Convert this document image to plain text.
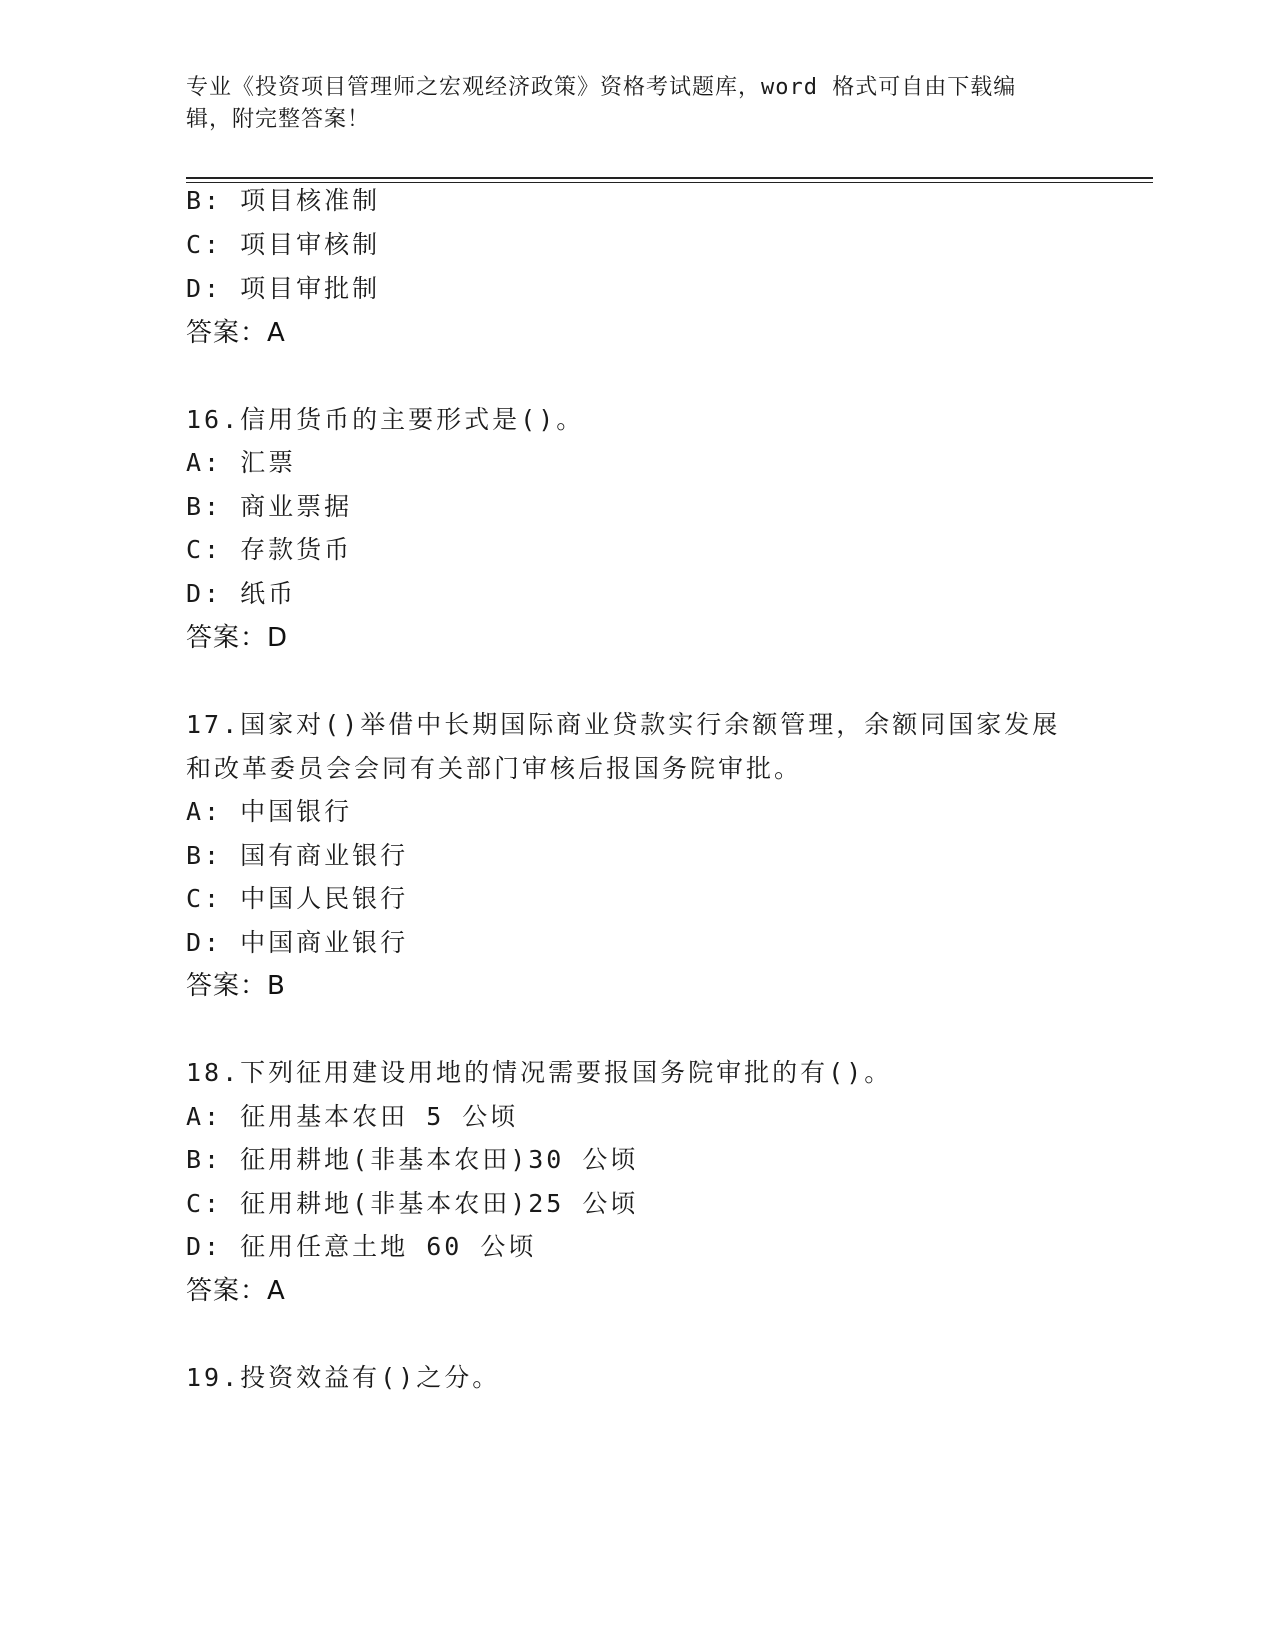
专业《投资项目管理师之宏观经济政策》资格考试题库，word 格式可自由下载编
辑，附完整答案！
B: 项目核准制
C: 项目审核制
D: 项目审批制
答案：A
16.信用货币的主要形式是()。
A: 汇票
B: 商业票据
C: 存款货币
D: 纸币
答案：D
17.国家对()举借中长期国际商业贷款实行余额管理，余额同国家发展
和改革委员会会同有关部门审核后报国务院审批。
A: 中国银行
B: 国有商业银行
C: 中国人民银行
D: 中国商业银行
答案：B
18.下列征用建设用地的情况需要报国务院审批的有()。
A: 征用基本农田 5 公顷
B: 征用耕地(非基本农田)30 公顷
C: 征用耕地(非基本农田)25 公顷
D: 征用任意土地 60 公顷
答案：A
19.投资效益有()之分。
